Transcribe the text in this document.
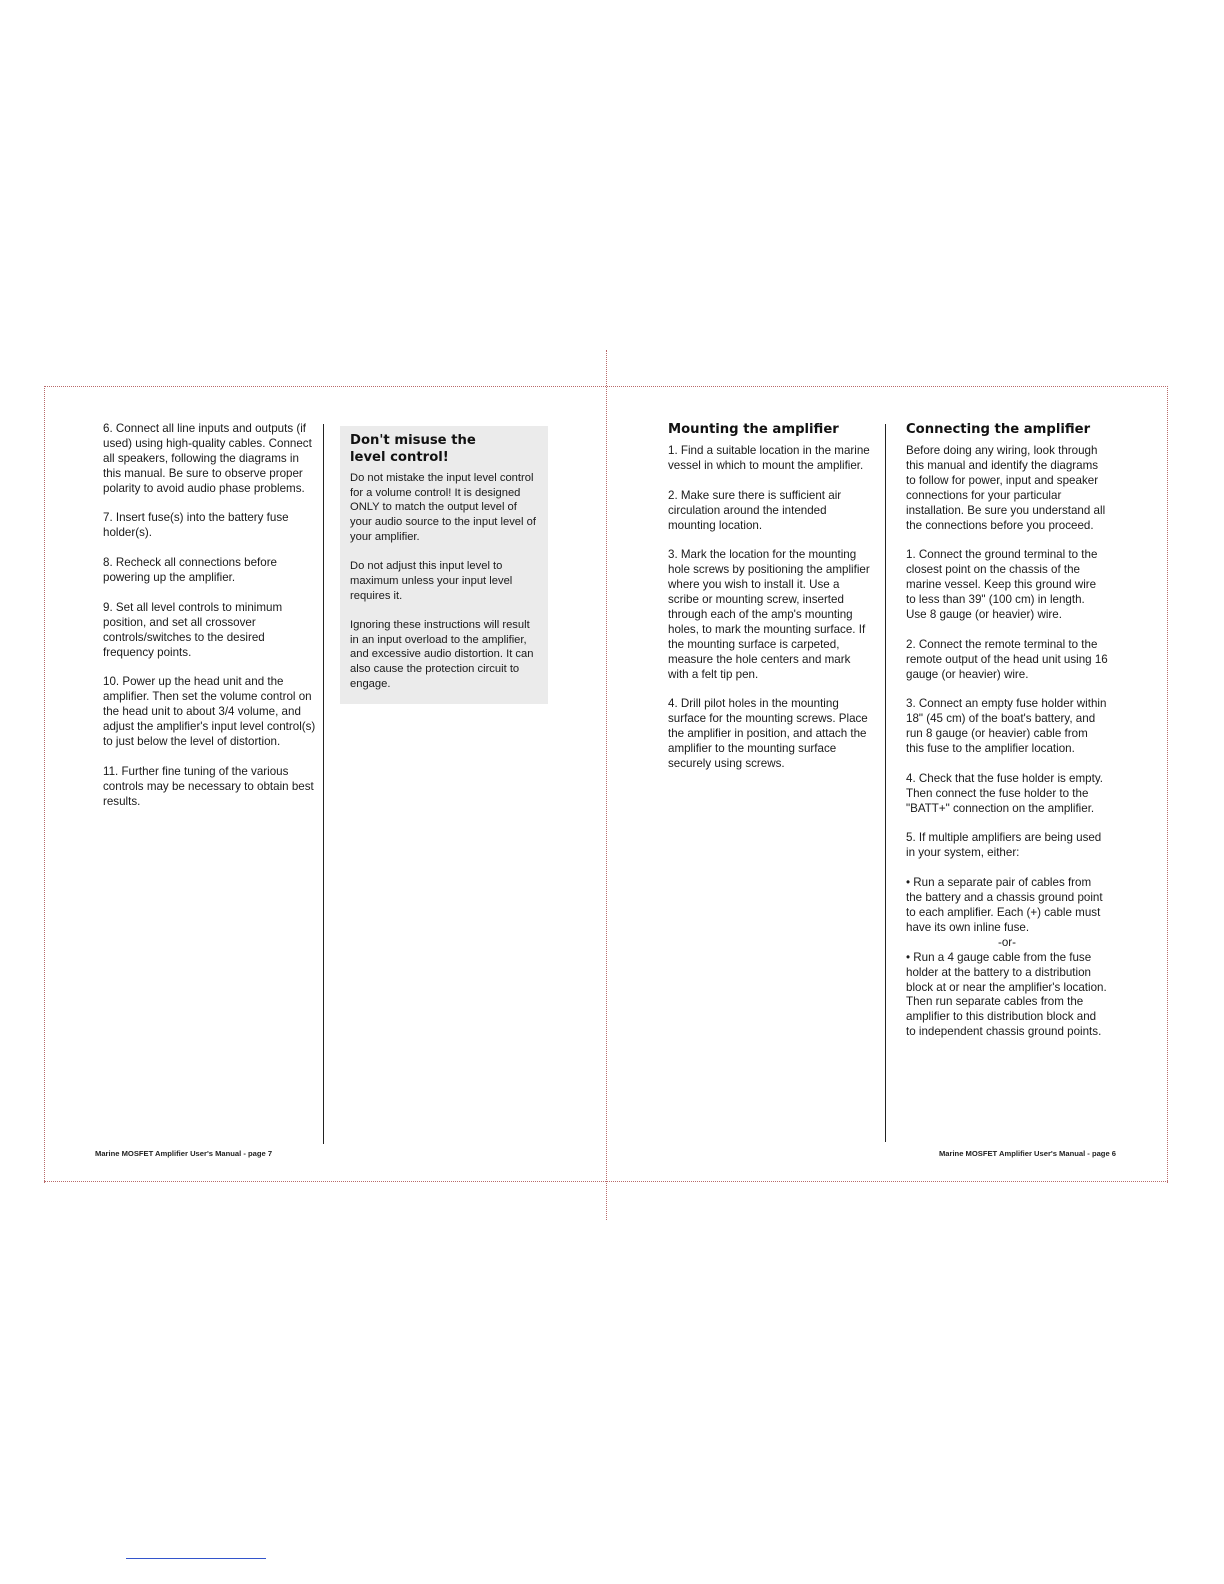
6. Connect all line inputs and outputs (if used) using high-quality cables. Connect all speakers, following the diagrams in this manual. Be sure to observe proper polarity to avoid audio phase problems.

7. Insert fuse(s) into the battery fuse holder(s).

8. Recheck all connections before powering up the amplifier.

9. Set all level controls to minimum position, and set all crossover controls/switches to the desired frequency points.

10. Power up the head unit and the amplifier. Then set the volume control on the head unit to about 3/4 volume, and adjust the amplifier's input level control(s) to just below the level of distortion.

11. Further fine tuning of the various controls may be necessary to obtain best results.

Don't misuse the
level control!

Do not mistake the input level control for a volume control! It is designed ONLY to match the output level of your audio source to the input level of your amplifier.

Do not adjust this input level to maximum unless your input level requires it.

Ignoring these instructions will result in an input overload to the amplifier, and excessive audio distortion. It can also cause the protection circuit to engage.

Marine MOSFET Amplifier User's Manual - page 7
Mounting the amplifier

1. Find a suitable location in the marine vessel in which to mount the amplifier.

2. Make sure there is sufficient air circulation around the intended mounting location.

3. Mark the location for the mounting hole screws by positioning the amplifier where you wish to install it. Use a scribe or mounting screw, inserted through each of the amp's mounting holes, to mark the mounting surface. If the mounting surface is carpeted, measure the hole centers and mark with a felt tip pen.

4. Drill pilot holes in the mounting surface for the mounting screws. Place the amplifier in position, and attach the amplifier to the mounting surface securely using screws.

Connecting the amplifier

Before doing any wiring, look through this manual and identify the diagrams to follow for power, input and speaker connections for your particular installation. Be sure you understand all the connections before you proceed.

1. Connect the ground terminal to the closest point on the chassis of the marine vessel. Keep this ground wire to less than 39" (100 cm) in length. Use 8 gauge (or heavier) wire.

2. Connect the remote terminal to the remote output of the head unit using 16 gauge (or heavier) wire.

3. Connect an empty fuse holder within 18" (45 cm) of the boat's battery, and run 8 gauge (or heavier) cable from this fuse to the amplifier location.

4. Check that the fuse holder is empty. Then connect the fuse holder to the "BATT+" connection on the amplifier.

5. If multiple amplifiers are being used in your system, either:

• Run a separate pair of cables from the battery and a chassis ground point to each amplifier. Each (+) cable must have its own inline fuse.

-or-

• Run a 4 gauge cable from the fuse holder at the battery to a distribution block at or near the amplifier's location. Then run separate cables from the amplifier to this distribution block and to independent chassis ground points.

Marine MOSFET Amplifier User's Manual - page 6
